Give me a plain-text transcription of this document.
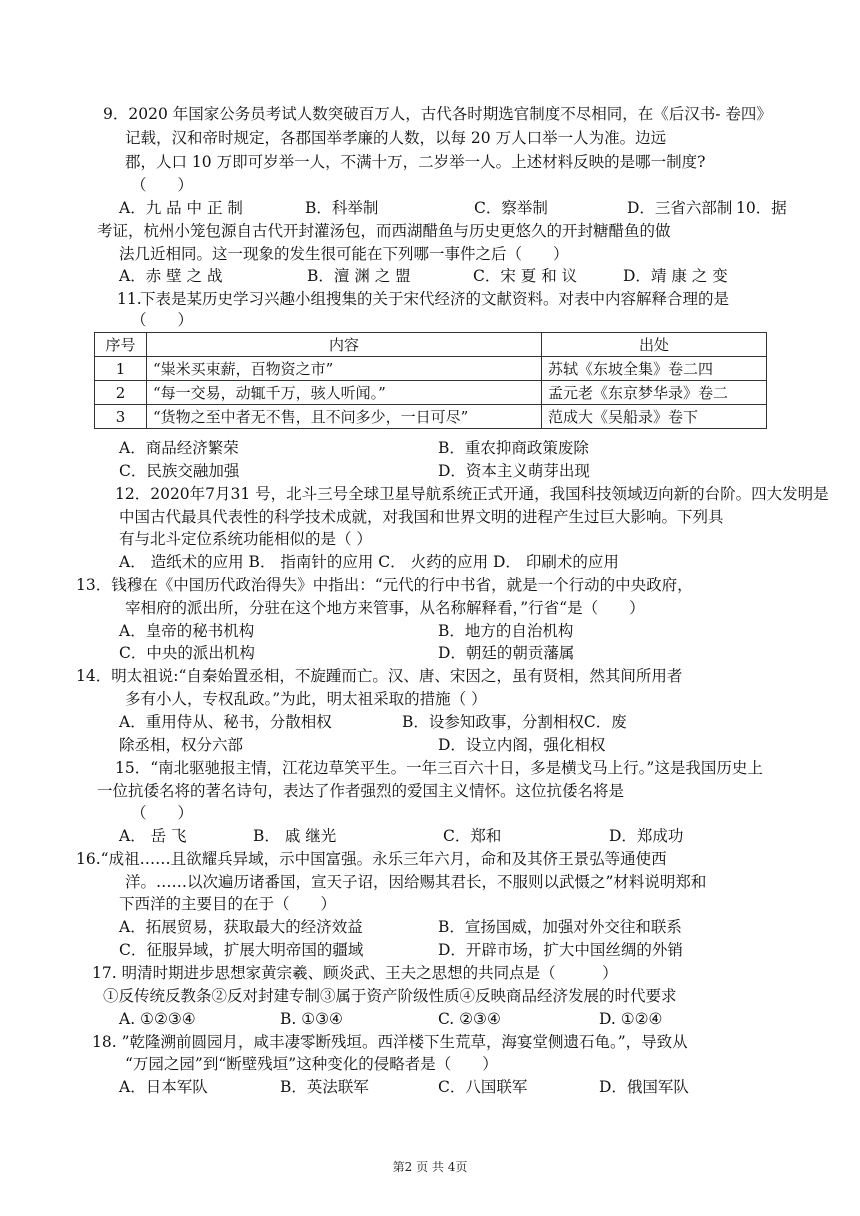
9．2020 年国家公务员考试人数突破百万人，古代各时期选官制度不尽相同，在《后汉书- 卷四》
记载，汉和帝时规定，各郡国举孝廉的人数，以每 20 万人口举一人为准。边远
郡，人口 10 万即可岁举一人，不满十万，二岁举一人。上述材料反映的是哪一制度?
（　　）
A．九 品 中 正 制	B．科举制	C．察举制	D．三省六部制 10．据
考证，杭州小笼包源自古代开封灌汤包，而西湖醋鱼与历史更悠久的开封糖醋鱼的做
法几近相同。这一现象的发生很可能在下列哪一事件之后（　　）
A．赤 壁 之 战	B．澶 渊 之 盟	C．宋 夏 和 议	D．靖 康 之 变
11.
下表是某历史学习兴趣小组搜集的关于宋代经济的文献资料。对表中内容解释合理的是
（　　）
序号	内容	出处
1	“粜米买束薪，百物资之市”	苏轼《东坡全集》卷二四
2	“每一交易，动辄千万，骇人听闻。”	孟元老《东京梦华录》卷二
3	“货物之至中者无不售，且不问多少，一日可尽”	范成大《吴船录》卷下
A．商品经济繁荣	B．重农抑商政策废除
C．民族交融加强	D．资本主义萌芽出现
12．2020年7月31 号，北斗三号全球卫星导航系统正式开通，我国科技领域迈向新的台阶。四大发明是
中国古代最具代表性的科学技术成就，对我国和世界文明的进程产生过巨大影响。下列具
有与北斗定位系统功能相似的是（ ）
A． 造纸术的应用 B． 指南针的应用 C． 火药的应用 D． 印刷术的应用
13．钱穆在《中国历代政治得失》中指出：“元代的行中书省，就是一个行动的中央政府，
宰相府的派出所，分驻在这个地方来管事，从名称解释看，”行省“是（　　）
A．皇帝的秘书机构	B．地方的自治机构
C．中央的派出机构	D．朝廷的朝贡藩属
14．明太祖说:“自秦始置丞相，不旋踵而亡。汉、唐、宋因之，虽有贤相，然其间所用者
多有小人，专权乱政。”为此，明太祖采取的措施（ ）
A．重用侍从、秘书，分散相权	B．设参知政事，分割相权C．废
除丞相，权分六部	D．设立内阁，强化相权
15．“南北驱驰报主情，江花边草笑平生。一年三百六十日，多是横戈马上行。”这是我国历史上
一位抗倭名将的著名诗句，表达了作者强烈的爱国主义情怀。这位抗倭名将是
（　　）
A． 岳 飞	B． 戚 继光	C．郑和	D．郑成功
16.“成祖……且欲耀兵异域，示中国富强。永乐三年六月，命和及其侪王景弘等通使西
洋。……以次遍历诸番国，宣天子诏，因给赐其君长，不服则以武慑之”材料说明郑和
下西洋的主要目的在于（　　）
A．拓展贸易，获取最大的经济效益	B．宣扬国威，加强对外交往和联系
C．征服异域，扩展大明帝国的疆域	D．开辟市场，扩大中国丝绸的外销
17. 明清时期进步思想家黄宗羲、顾炎武、王夫之思想的共同点是（　　　）
①反传统反教条②反对封建专制③属于资产阶级性质④反映商品经济发展的时代要求
A. ①②③④	B. ①③④	C. ②③④	D. ①②④
18. ”乾隆溯前圆园月，咸丰凄零断残垣。西洋楼下生荒草，海宴堂侧遗石龟。”，导致从
“万园之园”到“断壁残垣”这种变化的侵略者是（　　）
A．日本军队	B．英法联军	C．八国联军	D．俄国军队
第2 页 共 4页
